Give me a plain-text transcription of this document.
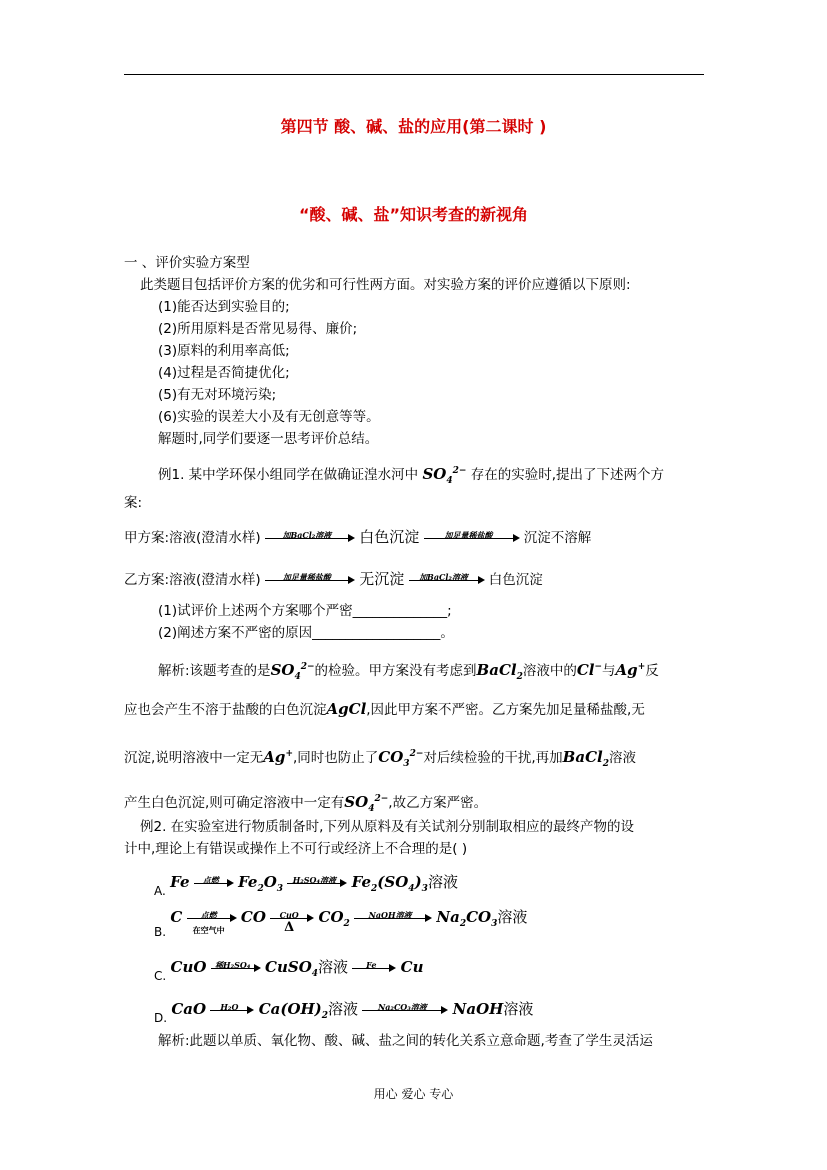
第四节 酸、碱、盐的应用(第二课时 )
“酸、碱、盐”知识考查的新视角
一 、评价实验方案型
此类题目包括评价方案的优劣和可行性两方面。对实验方案的评价应遵循以下原则:
(1)能否达到实验目的;
(2)所用原料是否常见易得、廉价;
(3)原料的利用率高低;
(4)过程是否简捷优化;
(5)有无对环境污染;
(6)实验的误差大小及有无创意等等。
解题时,同学们要逐一思考评价总结。
例1. 某中学环保小组同学在做确证湟水河中 $SO_4^{2-}$ 存在的实验时,提出了下述两个方
案:
甲方案:溶液(澄清水样)	加BaCl₂溶液	白色沉淀	加足量稀盐酸	沉淀不溶解
乙方案:溶液(澄清水样)	加足量稀盐酸	无沉淀	加BaCl₂溶液	白色沉淀
(1)试评价上述两个方案哪个严密______________;
(2)阐述方案不严密的原因___________________。
解析:该题考查的是$SO_4^{2-}$的检验。甲方案没有考虑到BaCl$_2$溶液中的Cl−与Ag+反
应也会产生不溶于盐酸的白色沉淀AgCl,因此甲方案不严密。乙方案先加足量稀盐酸,无
沉淀,说明溶液中一定无Ag+,同时也防止了$CO_3^{2-}$对后续检验的干扰,再加BaCl$_2$溶液
产生白色沉淀,则可确定溶液中一定有$SO_4^{2-}$,故乙方案严密。
例2. 在实验室进行物质制备时,下列从原料及有关试剂分别制取相应的最终产物的设
计中,理论上有错误或操作上不可行或经济上不合理的是( )
A. Fe	点燃	$Fe_2O_3$
H₂SO₄溶液	$Fe_2(SO_4)_3$溶液
B. C	点燃
在空气中
CO	CuO
Δ
$CO_2$
NaOH溶液	$Na_2CO_3$溶液
C. CuO	稀H₂SO₄ CuSO$_4$溶液	Fe	Cu
D. CaO	H₂O	$Ca(OH)_2$溶液	Na₂CO₃溶液	NaOH溶液
解析:此题以单质、氧化物、酸、碱、盐之间的转化关系立意命题,考查了学生灵活运
用心 爱心 专心
